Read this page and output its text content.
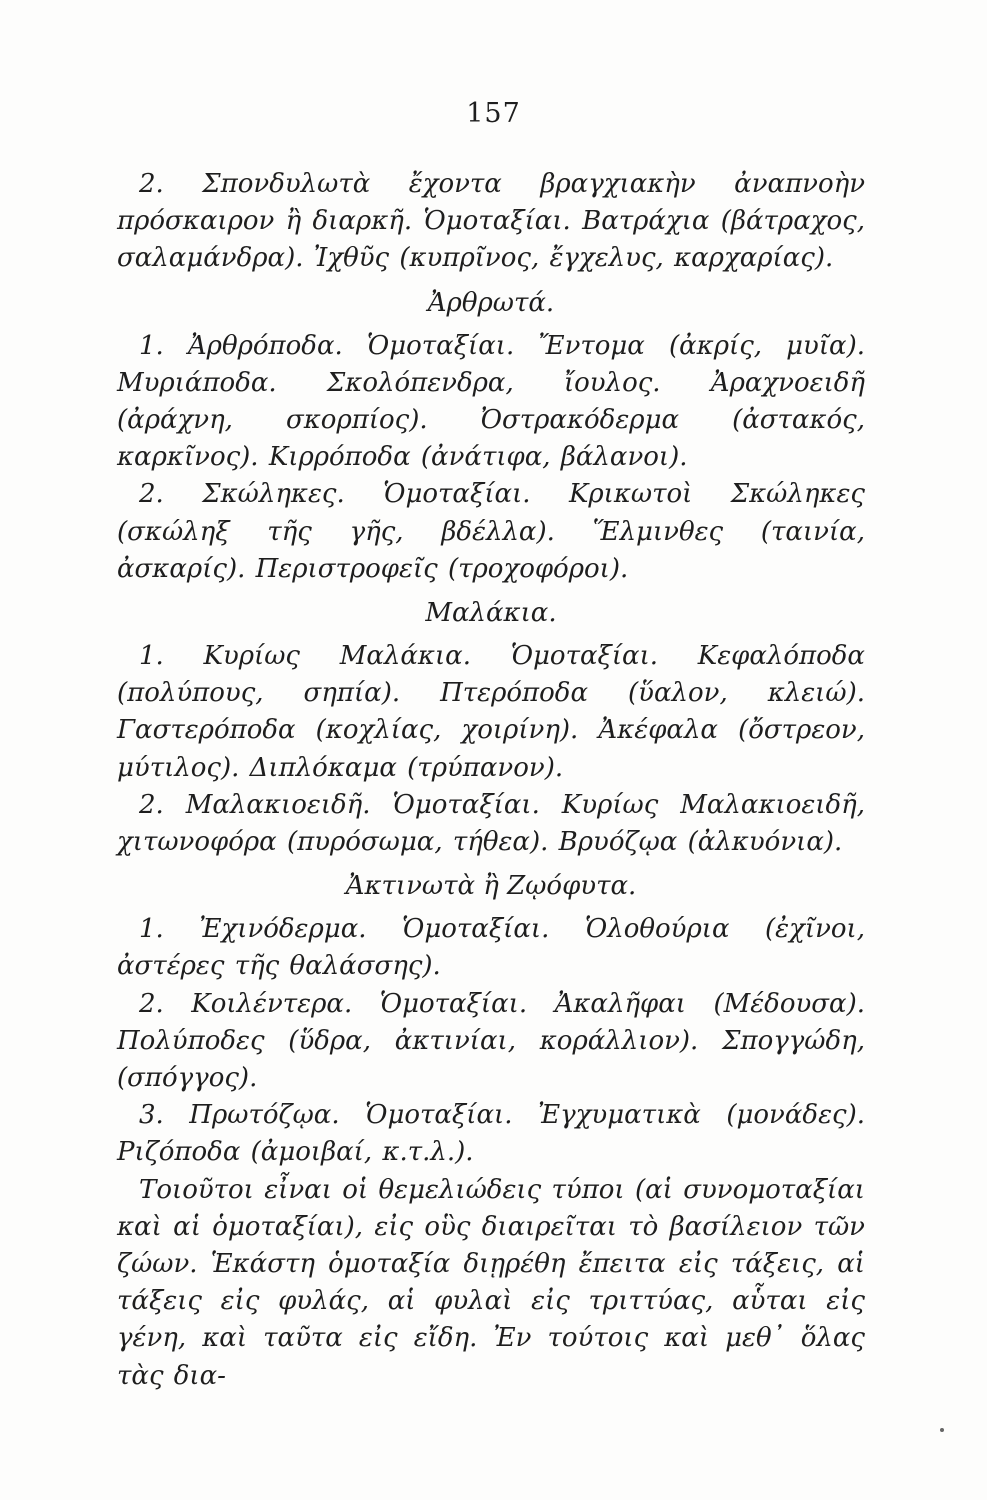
157

2. Σπονδυλωτὰ ἔχοντα βραγχιακὴν ἀναπνοὴν πρόσκαιρον ἢ διαρκῆ. Ὁμοταξίαι. Βατράχια (βάτραχος, σαλαμάνδρα). Ἰχθῦς (κυπρῖνος, ἔγχελυς, καρχαρίας).

Ἀρθρωτά.

1. Ἀρθρόποδα. Ὁμοταξίαι. Ἔντομα (ἀκρίς, μυῖα). Μυριάποδα. Σκολόπενδρα, ἴουλος. Ἀραχνοειδῆ (ἀράχνη, σκορπίος). Ὀστρακόδερμα (ἀστακός, καρκῖνος). Κιρρόποδα (ἀνάτιφα, βάλανοι).

2. Σκώληκες. Ὁμοταξίαι. Κρικωτοὶ Σκώληκες (σκώληξ τῆς γῆς, βδέλλα). Ἕλμινθες (ταινία, ἀσκαρίς). Περιστροφεῖς (τροχοφόροι).

Μαλάκια.

1. Κυρίως Μαλάκια. Ὁμοταξίαι. Κεφαλόποδα (πολύπους, σηπία). Πτερόποδα (ὕαλον, κλειώ). Γαστερόποδα (κοχλίας, χοιρίνη). Ἀκέφαλα (ὄστρεον, μύτιλος). Διπλόκαμα (τρύπανον).

2. Μαλακιοειδῆ. Ὁμοταξίαι. Κυρίως Μαλακιοειδῆ, χιτωνοφόρα (πυρόσωμα, τήθεα). Βρυόζῳα (ἀλκυόνια).

Ἀκτινωτὰ ἢ Ζῳόφυτα.

1. Ἐχινόδερμα. Ὁμοταξίαι. Ὁλοθούρια (ἐχῖνοι, ἀστέρες τῆς θαλάσσης).

2. Κοιλέντερα. Ὁμοταξίαι. Ἀκαλῆφαι (Μέδουσα). Πολύποδες (ὕδρα, ἀκτινίαι, κοράλλιον). Σπογγώδη, (σπόγγος).

3. Πρωτόζῳα. Ὁμοταξίαι. Ἐγχυματικὰ (μονάδες). Ριζόποδα (ἀμοιβαί, κ.τ.λ.).

Τοιοῦτοι εἶναι οἱ θεμελιώδεις τύποι (αἱ συνομοταξίαι καὶ αἱ ὁμοταξίαι), εἰς οὓς διαιρεῖται τὸ βασίλειον τῶν ζώων. Ἑκάστη ὁμοταξία διῃρέθη ἔπειτα εἰς τάξεις, αἱ τάξεις εἰς φυλάς, αἱ φυλαὶ εἰς τριττύας, αὗται εἰς γένη, καὶ ταῦτα εἰς εἴδη. Ἐν τούτοις καὶ μεθ᾽ ὅλας τὰς δια-
